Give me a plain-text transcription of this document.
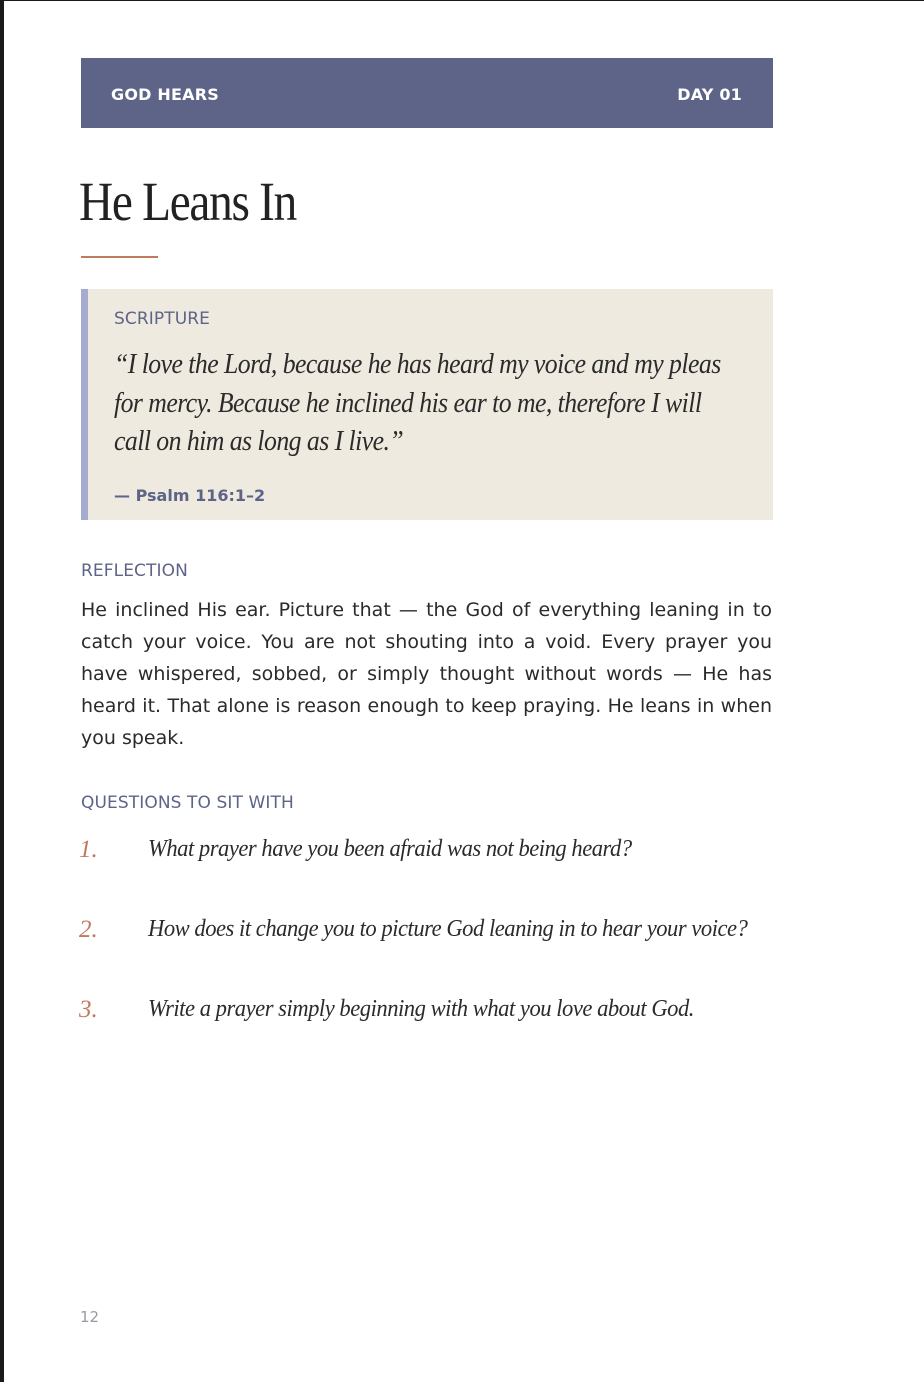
GOD HEARS	DAY 01
He Leans In
SCRIPTURE

“I love the Lord, because he has heard my voice and my pleas for mercy. Because he inclined his ear to me, therefore I will call on him as long as I live.”

— Psalm 116:1–2
REFLECTION

He inclined His ear. Picture that — the God of everything leaning in to catch your voice. You are not shouting into a void. Every prayer you have whispered, sobbed, or simply thought without words — He has heard it. That alone is reason enough to keep praying. He leans in when you speak.

QUESTIONS TO SIT WITH
1. What prayer have you been afraid was not being heard?
2. How does it change you to picture God leaning in to hear your voice?
3. Write a prayer simply beginning with what you love about God.
12
